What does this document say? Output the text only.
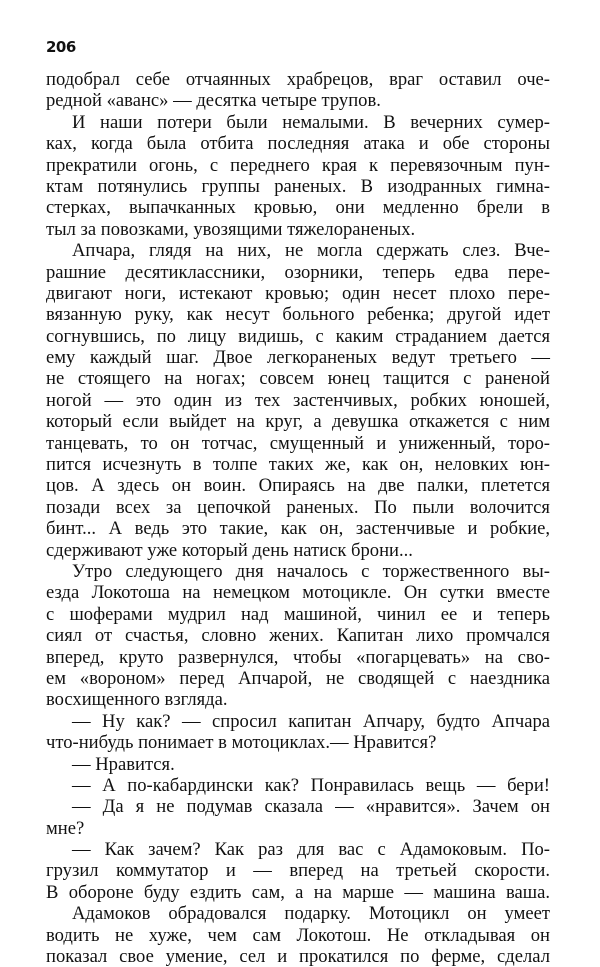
206
подобрал себе отчаянных храбрецов, враг оставил оче-
редной «аванс» — десятка четыре трупов.
И наши потери были немалыми. В вечерних сумер-
ках, когда была отбита последняя атака и обе стороны
прекратили огонь, с переднего края к перевязочным пун-
ктам потянулись группы раненых. В изодранных гимна-
стерках, выпачканных кровью, они медленно брели в
тыл за повозками, увозящими тяжелораненых.
Апчара, глядя на них, не могла сдержать слез. Вче-
рашние десятиклассники, озорники, теперь едва пере-
двигают ноги, истекают кровью; один несет плохо пере-
вязанную руку, как несут больного ребенка; другой идет
согнувшись, по лицу видишь, с каким страданием дается
ему каждый шаг. Двое легкораненых ведут третьего —
не стоящего на ногах; совсем юнец тащится с раненой
ногой — это один из тех застенчивых, робких юношей,
который если выйдет на круг, а девушка откажется с ним
танцевать, то он тотчас, смущенный и униженный, торо-
пится исчезнуть в толпе таких же, как он, неловких юн-
цов. А здесь он воин. Опираясь на две палки, плетется
позади всех за цепочкой раненых. По пыли волочится
бинт... А ведь это такие, как он, застенчивые и робкие,
сдерживают уже который день натиск брони...
Утро следующего дня началось с торжественного вы-
езда Локотоша на немецком мотоцикле. Он сутки вместе
с шоферами мудрил над машиной, чинил ее и теперь
сиял от счастья, словно жених. Капитан лихо промчался
вперед, круто развернулся, чтобы «погарцевать» на сво-
ем «вороном» перед Апчарой, не сводящей с наездника
восхищенного взгляда.
— Ну как? — спросил капитан Апчару, будто Апчара
что-нибудь понимает в мотоциклах.— Нравится?
— Нравится.
— А по-кабардински как? Понравилась вещь — бери!
— Да я не подумав сказала — «нравится». Зачем он
мне?
— Как зачем? Как раз для вас с Адамоковым. По-
грузил коммутатор и — вперед на третьей скорости.
В обороне буду ездить сам, а на марше — машина ваша.
Адамоков обрадовался подарку. Мотоцикл он умеет
водить не хуже, чем сам Локотош. Не откладывая он
показал свое умение, сел и прокатился по ферме, сделал
